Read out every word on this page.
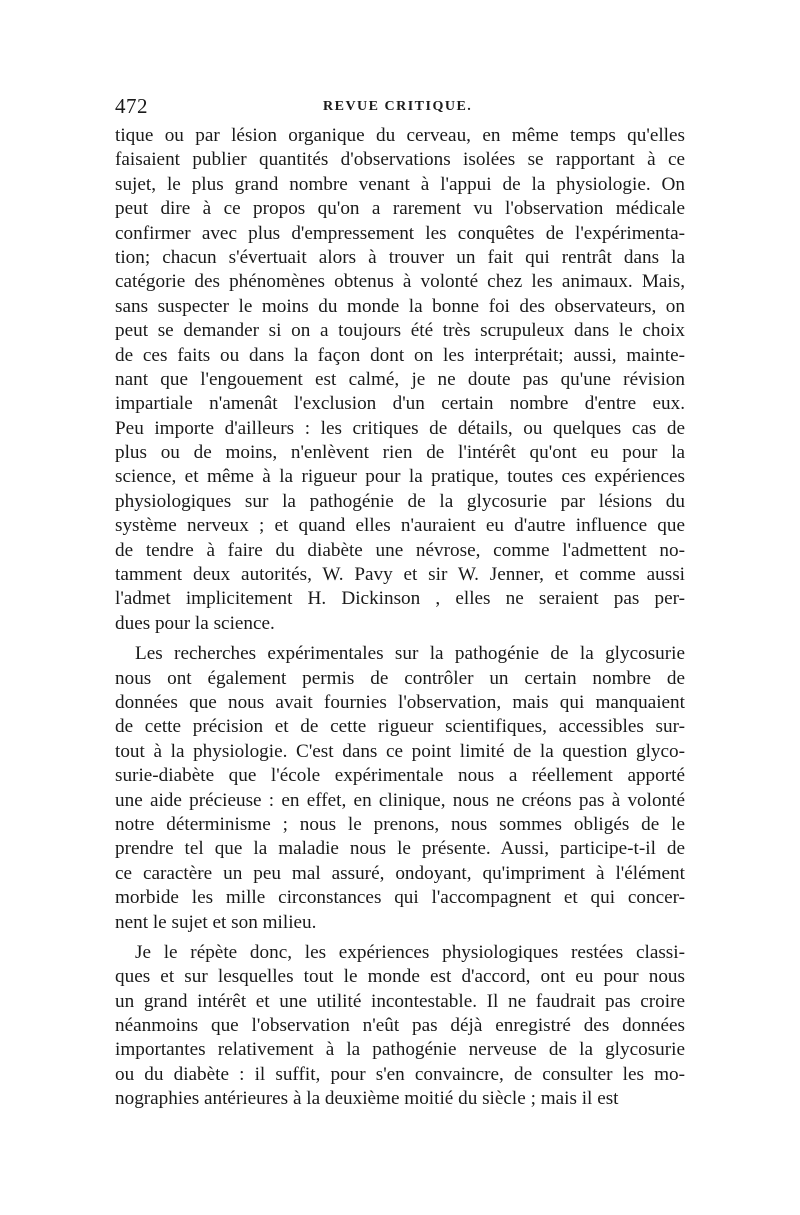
472	REVUE CRITIQUE.
tique ou par lésion organique du cerveau, en même temps qu'elles
faisaient publier quantités d'observations isolées se rapportant à ce
sujet, le plus grand nombre venant à l'appui de la physiologie. On
peut dire à ce propos qu'on a rarement vu l'observation médicale
confirmer avec plus d'empressement les conquêtes de l'expérimenta-
tion; chacun s'évertuait alors à trouver un fait qui rentrât dans la
catégorie des phénomènes obtenus à volonté chez les animaux. Mais,
sans suspecter le moins du monde la bonne foi des observateurs, on
peut se demander si on a toujours été très scrupuleux dans le choix
de ces faits ou dans la façon dont on les interprétait; aussi, mainte-
nant que l'engouement est calmé, je ne doute pas qu'une révision
impartiale n'amenât l'exclusion d'un certain nombre d'entre eux.
Peu importe d'ailleurs : les critiques de détails, ou quelques cas de
plus ou de moins, n'enlèvent rien de l'intérêt qu'ont eu pour la
science, et même à la rigueur pour la pratique, toutes ces expériences
physiologiques sur la pathogénie de la glycosurie par lésions du
système nerveux ; et quand elles n'auraient eu d'autre influence que
de tendre à faire du diabète une névrose, comme l'admettent no-
tamment deux autorités, W. Pavy et sir W. Jenner, et comme aussi
l'admet implicitement H. Dickinson , elles ne seraient pas per-
dues pour la science.
Les recherches expérimentales sur la pathogénie de la glycosurie
nous ont également permis de contrôler un certain nombre de
données que nous avait fournies l'observation, mais qui manquaient
de cette précision et de cette rigueur scientifiques, accessibles sur-
tout à la physiologie. C'est dans ce point limité de la question glyco-
surie-diabète que l'école expérimentale nous a réellement apporté
une aide précieuse : en effet, en clinique, nous ne créons pas à volonté
notre déterminisme ; nous le prenons, nous sommes obligés de le
prendre tel que la maladie nous le présente. Aussi, participe-t-il de
ce caractère un peu mal assuré, ondoyant, qu'impriment à l'élément
morbide les mille circonstances qui l'accompagnent et qui concer-
nent le sujet et son milieu.
Je le répète donc, les expériences physiologiques restées classi-
ques et sur lesquelles tout le monde est d'accord, ont eu pour nous
un grand intérêt et une utilité incontestable. Il ne faudrait pas croire
néanmoins que l'observation n'eût pas déjà enregistré des données
importantes relativement à la pathogénie nerveuse de la glycosurie
ou du diabète : il suffit, pour s'en convaincre, de consulter les mo-
nographies antérieures à la deuxième moitié du siècle ; mais il est
